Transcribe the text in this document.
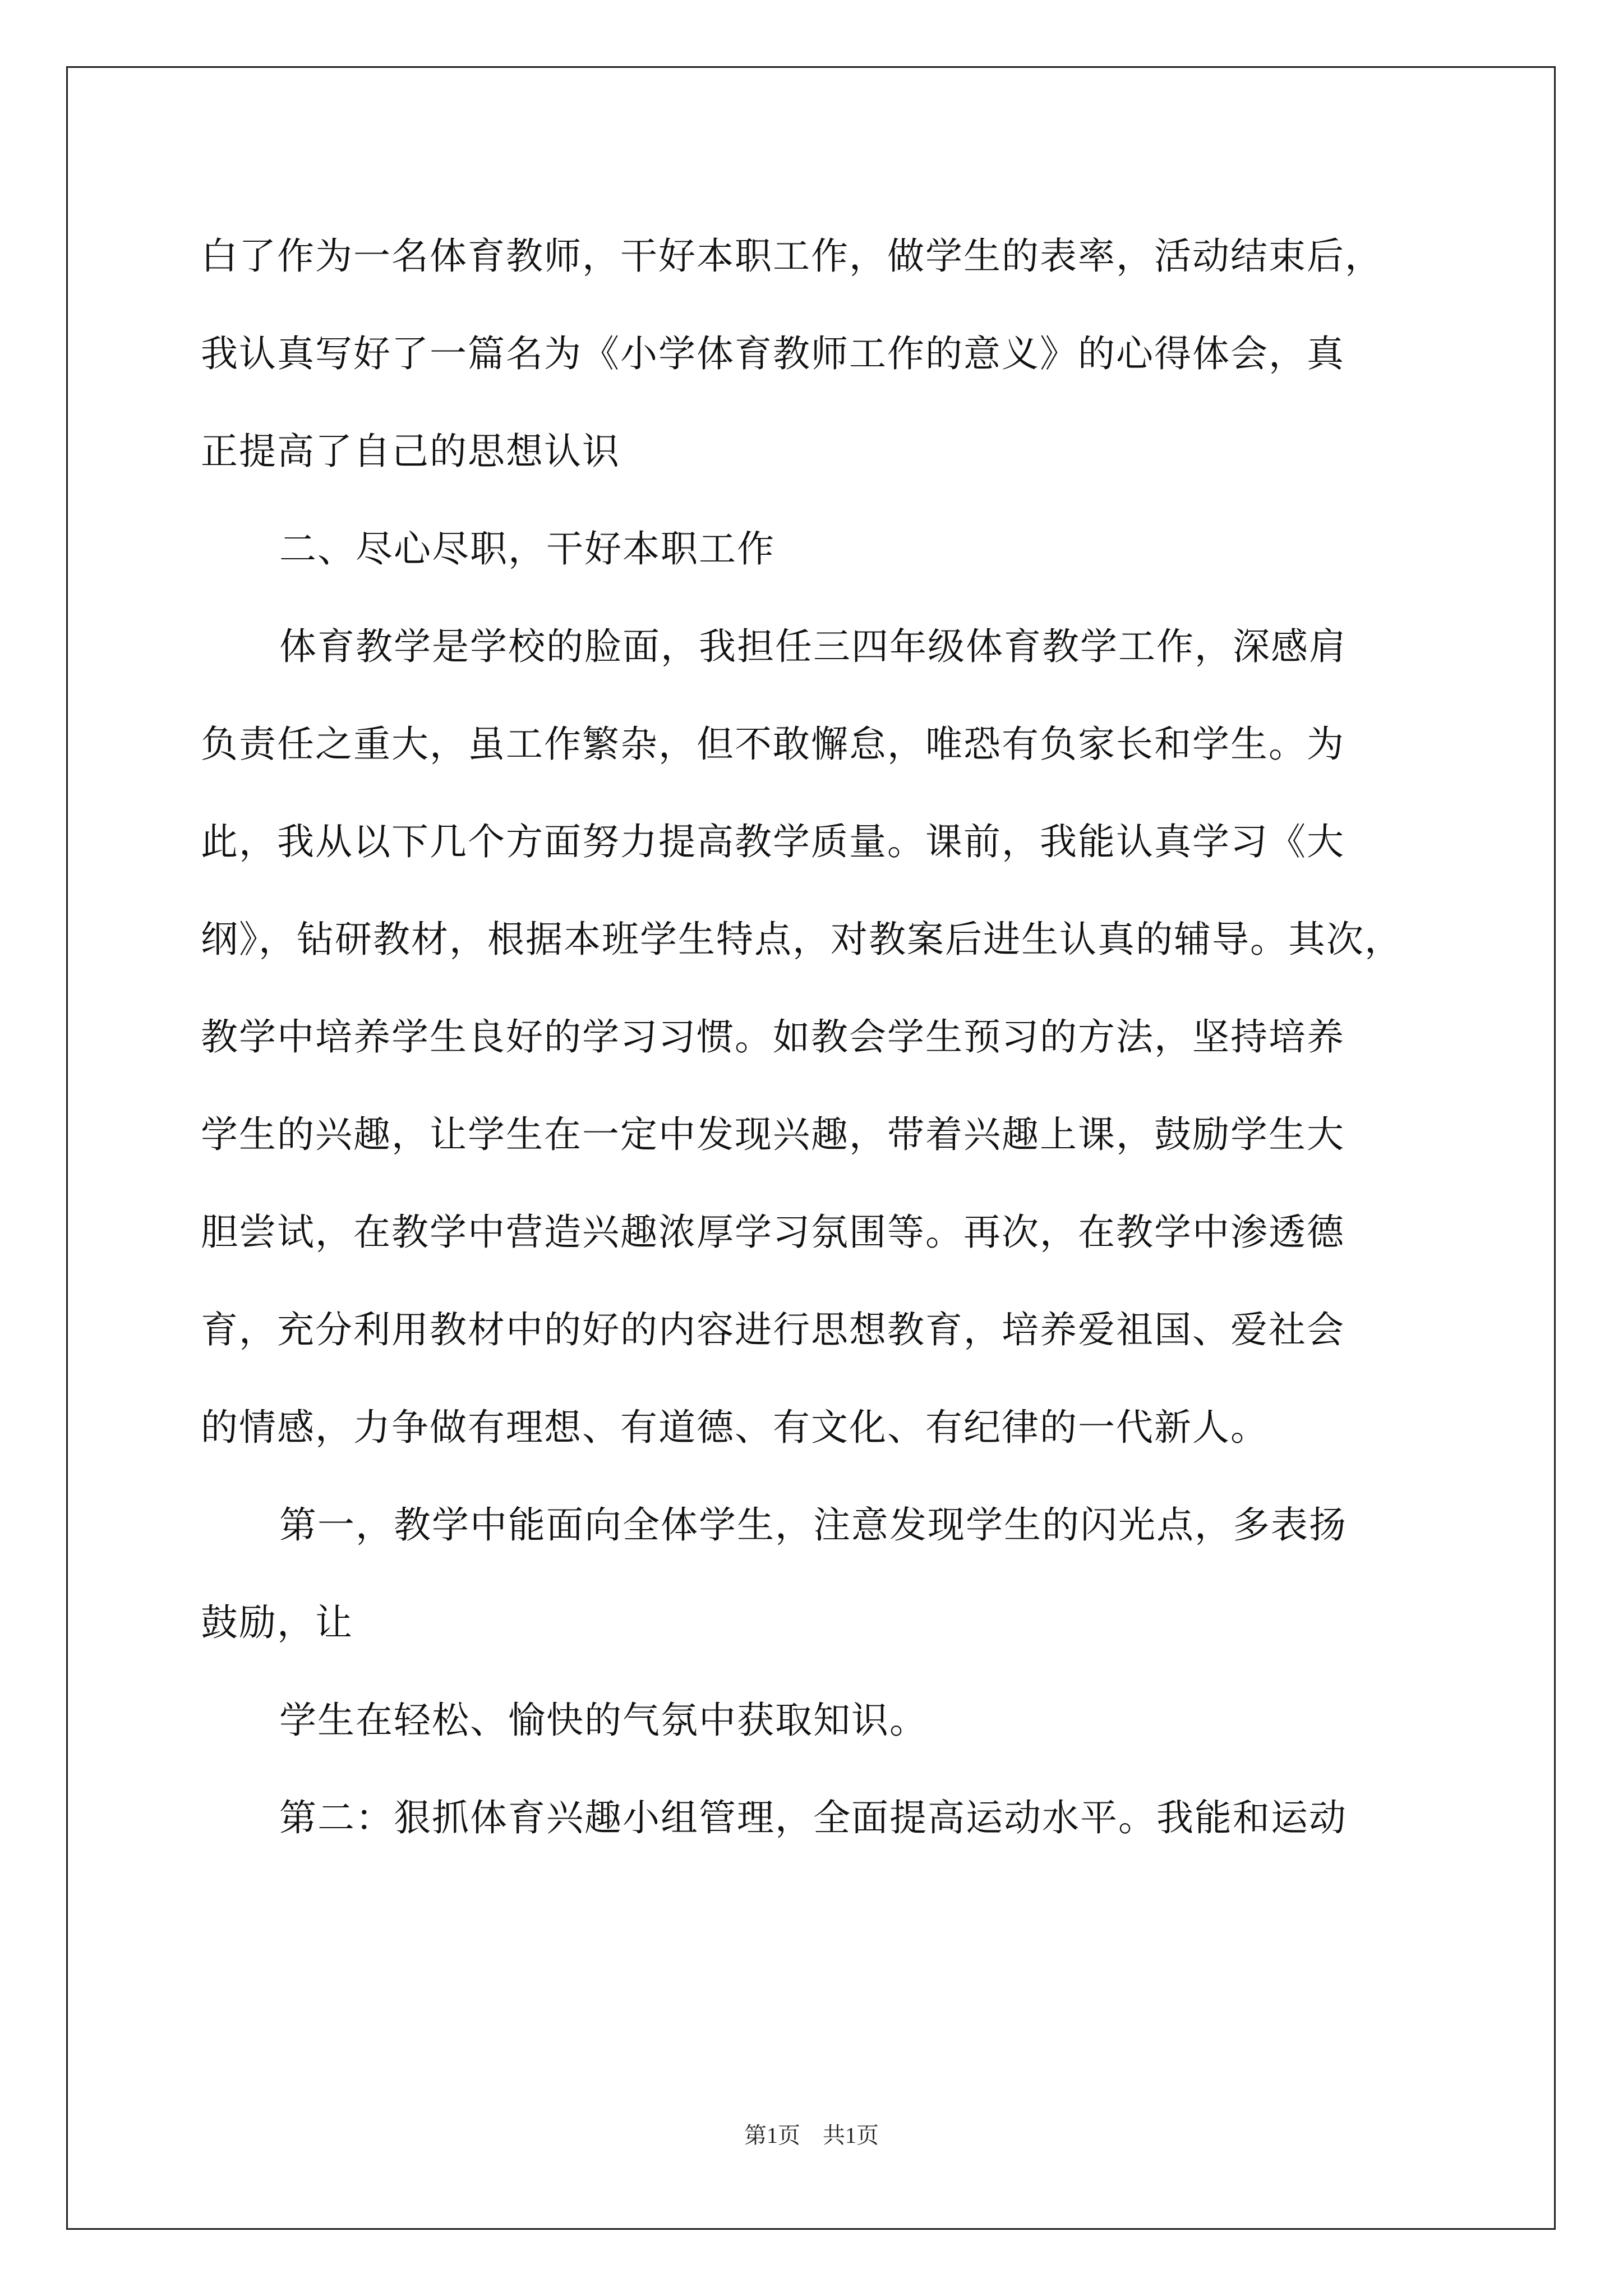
白了作为一名体育教师，干好本职工作，做学生的表率，活动结束后，
我认真写好了一篇名为《小学体育教师工作的意义》的心得体会，真
正提高了自己的思想认识
二、尽心尽职，干好本职工作
体育教学是学校的脸面，我担任三四年级体育教学工作，深感肩
负责任之重大，虽工作繁杂，但不敢懈怠，唯恐有负家长和学生。为
此，我从以下几个方面努力提高教学质量。课前，我能认真学习《大
纲》，钻研教材，根据本班学生特点，对教案后进生认真的辅导。其次，
教学中培养学生良好的学习习惯。如教会学生预习的方法，坚持培养
学生的兴趣，让学生在一定中发现兴趣，带着兴趣上课，鼓励学生大
胆尝试，在教学中营造兴趣浓厚学习氛围等。再次，在教学中渗透德
育，充分利用教材中的好的内容进行思想教育，培养爱祖国、爱社会
的情感，力争做有理想、有道德、有文化、有纪律的一代新人。
第一，教学中能面向全体学生，注意发现学生的闪光点，多表扬
鼓励，让
学生在轻松、愉快的气氛中获取知识。
第二：狠抓体育兴趣小组管理，全面提高运动水平。我能和运动
第1页　共1页
